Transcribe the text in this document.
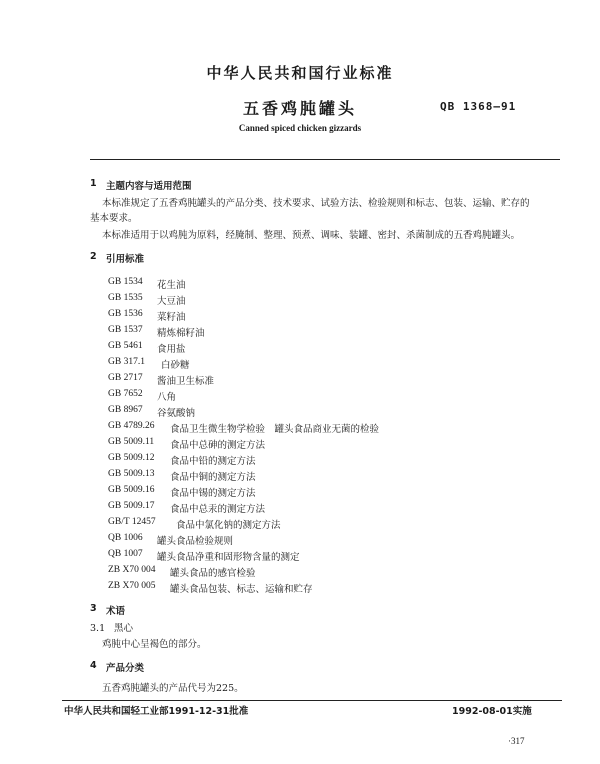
中华人民共和国行业标准
五香鸡肫罐头	QB 1368—91
Canned spiced chicken gizzards
1 主题内容与适用范围
本标准规定了五香鸡肫罐头的产品分类、技术要求、试验方法、检验规则和标志、包装、运输、贮存的
基本要求。
本标准适用于以鸡肫为原料，经腌制、整理、预煮、调味、装罐、密封、杀菌制成的五香鸡肫罐头。
2 引用标准
GB 1534 花生油
GB 1535 大豆油
GB 1536 菜籽油
GB 1537 精炼棉籽油
GB 5461 食用盐
GB 317.1 白砂糖
GB 2717 酱油卫生标准
GB 7652 八角
GB 8967 谷氨酸钠
GB 4789.26 食品卫生微生物学检验　罐头食品商业无菌的检验
GB 5009.11 食品中总砷的测定方法
GB 5009.12 食品中铅的测定方法
GB 5009.13 食品中铜的测定方法
GB 5009.16 食品中锡的测定方法
GB 5009.17 食品中总汞的测定方法
GB/T 12457 食品中氯化钠的测定方法
QB 1006 罐头食品检验规则
QB 1007 罐头食品净重和固形物含量的测定
ZB X70 004 罐头食品的感官检验
ZB X70 005 罐头食品包装、标志、运输和贮存
3 术语
3.1 黑心
鸡肫中心呈褐色的部分。
4 产品分类
五香鸡肫罐头的产品代号为225。
中华人民共和国轻工业部1991-12-31批准	1992-08-01实施
·317
